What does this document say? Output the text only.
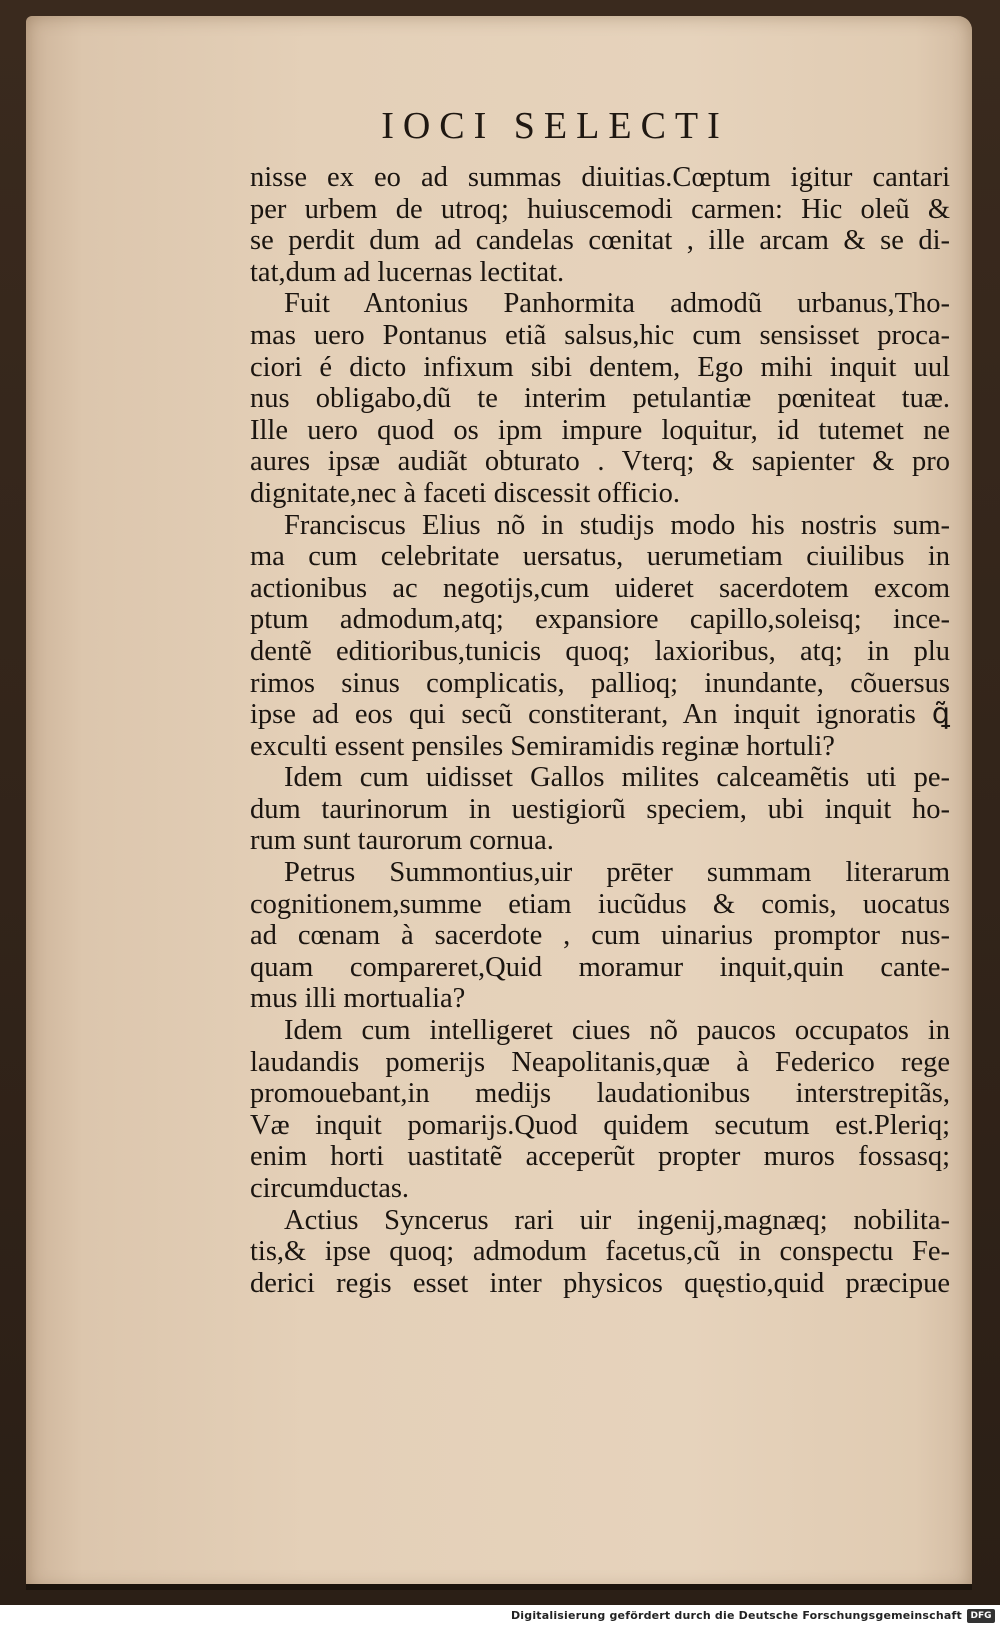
IOCI SELECTI
nisse ex eo ad summas diuitias.Cœptum igitur cantari
per urbem de utroq; huiuscemodi carmen: Hic oleũ &
se perdit dum ad candelas cœnitat , ille arcam & se di-
tat,dum ad lucernas lectitat.
Fuit Antonius Panhormita admodũ urbanus,Tho-
mas uero Pontanus etiã salsus,hic cum sensisset proca-
ciori é dicto infixum sibi dentem, Ego mihi inquit uul
nus obligabo,dũ te interim petulantiæ pœniteat tuæ.
Ille uero quod os ipm impure loquitur, id tutemet ne
aures ipsæ audiãt obturato . Vterq; & sapienter & pro
dignitate,nec à faceti discessit officio.
Franciscus Elius nõ in studijs modo his nostris sum-
ma cum celebritate uersatus, uerumetiam ciuilibus in
actionibus ac negotijs,cum uideret sacerdotem excom
ptum admodum,atq; expansiore capillo,soleisq; ince-
dentẽ editioribus,tunicis quoq; laxioribus, atq; in plu
rimos sinus complicatis, pallioq; inundante, cõuersus
ipse ad eos qui secũ constiterant, An inquit ignoratis ꝗ̃
exculti essent pensiles Semiramidis reginæ hortuli?
Idem cum uidisset Gallos milites calceamẽtis uti pe-
dum taurinorum in uestigiorũ speciem, ubi inquit ho-
rum sunt taurorum cornua.
Petrus Summontius,uir prēter summam literarum
cognitionem,summe etiam iucũdus & comis, uocatus
ad cœnam à sacerdote , cum uinarius promptor nus-
quam compareret,Quid moramur inquit,quin cante-
mus illi mortualia?
Idem cum intelligeret ciues nõ paucos occupatos in
laudandis pomerijs Neapolitanis,quæ à Federico rege
promouebant,in medijs laudationibus interstrepitãs,
Væ inquit pomarijs.Quod quidem secutum est.Pleriq;
enim horti uastitatẽ acceperũt propter muros fossasq;
circumductas.
Actius Syncerus rari uir ingenij,magnæq; nobilita-
tis,& ipse quoq; admodum facetus,cũ in conspectu Fe-
derici regis esset inter physicos quęstio,quid præcipue
Digitalisierung gefördert durch die Deutsche Forschungsgemeinschaft DFG
